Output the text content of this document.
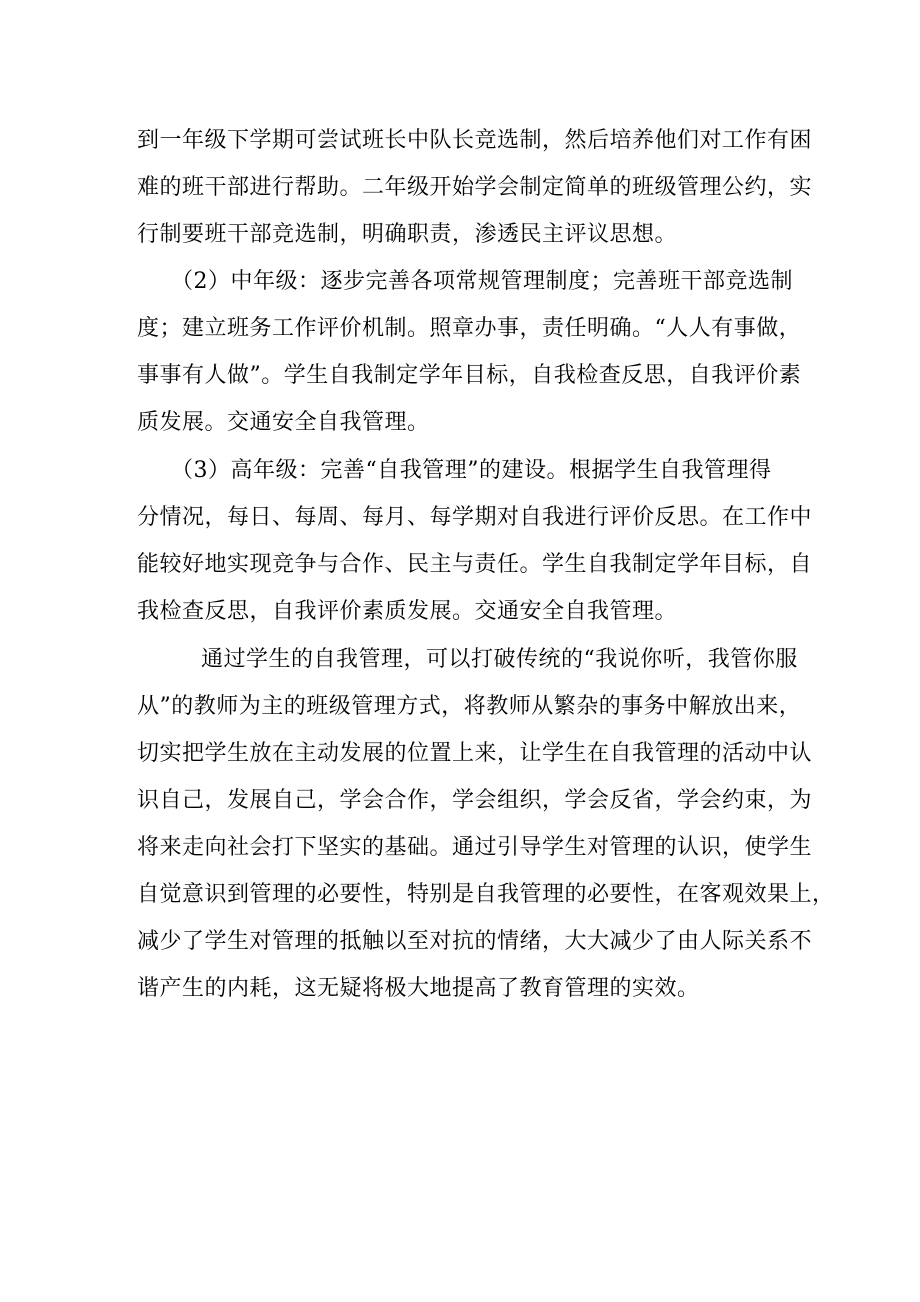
到一年级下学期可尝试班长中队长竞选制，然后培养他们对工作有困
难的班干部进行帮助。二年级开始学会制定简单的班级管理公约，实
行制要班干部竞选制，明确职责，渗透民主评议思想。
（2）中年级：逐步完善各项常规管理制度；完善班干部竞选制
度；建立班务工作评价机制。照章办事，责任明确。“人人有事做，
事事有人做”。学生自我制定学年目标，自我检查反思，自我评价素
质发展。交通安全自我管理。
（3）高年级：完善“自我管理”的建设。根据学生自我管理得
分情况，每日、每周、每月、每学期对自我进行评价反思。在工作中
能较好地实现竞争与合作、民主与责任。学生自我制定学年目标，自
我检查反思，自我评价素质发展。交通安全自我管理。
通过学生的自我管理，可以打破传统的“我说你听，我管你服
从”的教师为主的班级管理方式，将教师从繁杂的事务中解放出来，
切实把学生放在主动发展的位置上来，让学生在自我管理的活动中认
识自己，发展自己，学会合作，学会组织，学会反省，学会约束，为
将来走向社会打下坚实的基础。通过引导学生对管理的认识，使学生
自觉意识到管理的必要性，特别是自我管理的必要性，在客观效果上，
减少了学生对管理的抵触以至对抗的情绪，大大减少了由人际关系不
谐产生的内耗，这无疑将极大地提高了教育管理的实效。
